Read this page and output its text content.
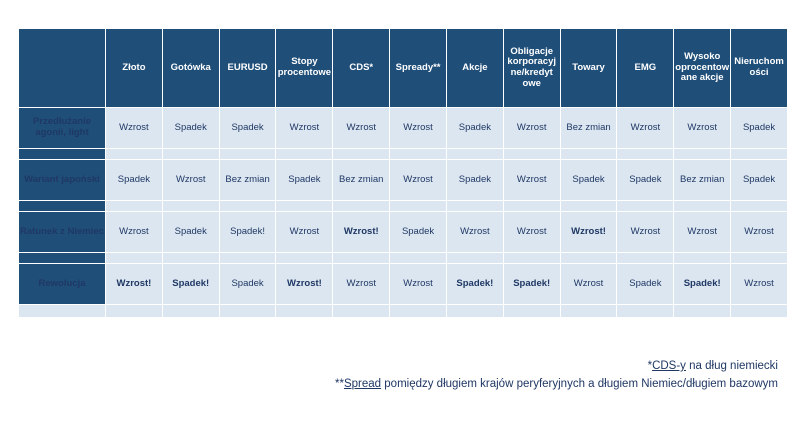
	Złoto	Gotówka	EURUSD	Stopy procentowe	CDS*	Spready**	Akcje	Obligacje korporacyjne/kredyt owe	Towary	EMG	Wysoko oprocentowane akcje	Nieruchomości
Przedłużanie agonii, light	Wzrost	Spadek	Spadek	Wzrost	Wzrost	Wzrost	Spadek	Wzrost	Bez zmian	Wzrost	Wzrost	Spadek

Wariant japoński	Spadek	Wzrost	Bez zmian	Spadek	Bez zmian	Wzrost	Spadek	Wzrost	Spadek	Spadek	Bez zmian	Spadek

Ratunek z Niemiec	Wzrost	Spadek	Spadek!	Wzrost	Wzrost!	Spadek	Wzrost	Wzrost	Wzrost!	Wzrost	Wzrost	Wzrost

Rewolucja	Wzrost!	Spadek!	Spadek	Wzrost!	Wzrost	Wzrost	Spadek!	Spadek!	Wzrost	Spadek	Spadek!	Wzrost

*CDS-y na dług niemiecki
**Spread pomiędzy długiem krajów peryferyjnych a długiem Niemiec/długiem bazowym
